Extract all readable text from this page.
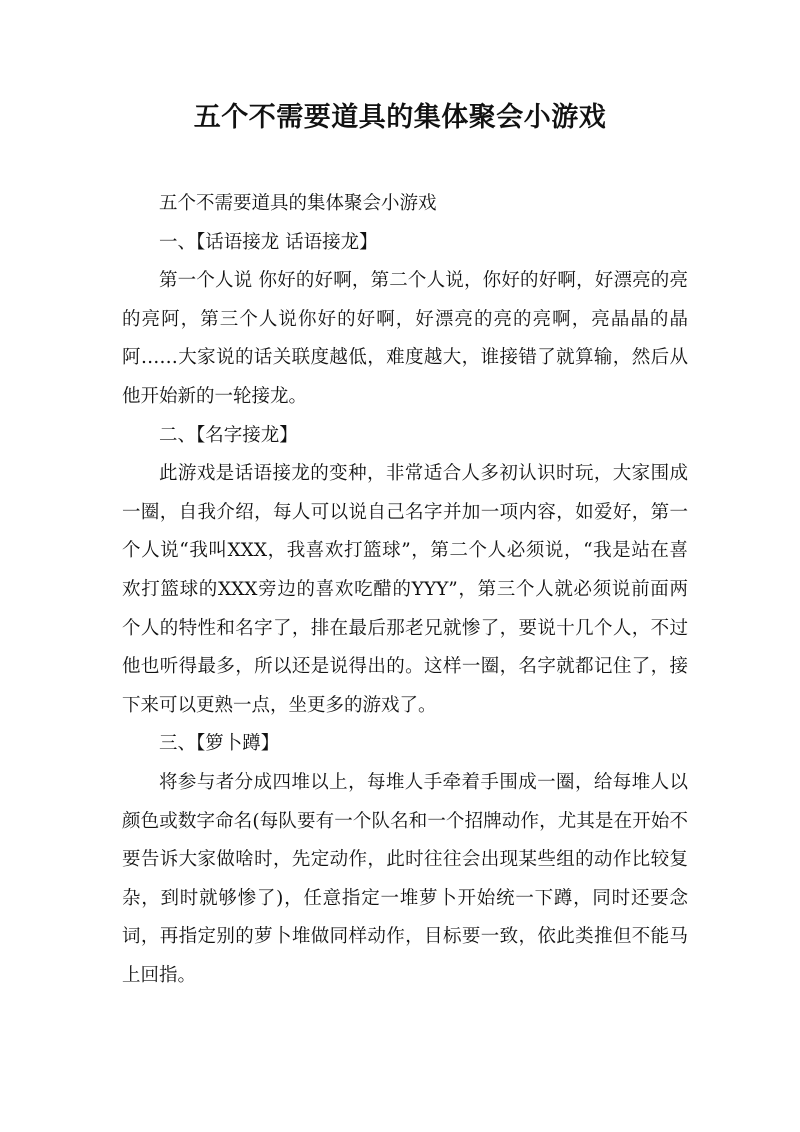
五个不需要道具的集体聚会小游戏

五个不需要道具的集体聚会小游戏

一、【话语接龙 话语接龙】

第一个人说 你好的好啊，第二个人说，你好的好啊，好漂亮的亮的亮阿，第三个人说你好的好啊，好漂亮的亮的亮啊，亮晶晶的晶阿……大家说的话关联度越低，难度越大，谁接错了就算输，然后从他开始新的一轮接龙。

二、【名字接龙】

此游戏是话语接龙的变种，非常适合人多初认识时玩，大家围成一圈，自我介绍，每人可以说自己名字并加一项内容，如爱好，第一个人说“我叫XXX，我喜欢打篮球”，第二个人必须说，“我是站在喜欢打篮球的XXX旁边的喜欢吃醋的YYY”，第三个人就必须说前面两个人的特性和名字了，排在最后那老兄就惨了，要说十几个人，不过他也听得最多，所以还是说得出的。这样一圈，名字就都记住了，接下来可以更熟一点，坐更多的游戏了。

三、【箩卜蹲】

将参与者分成四堆以上，每堆人手牵着手围成一圈，给每堆人以颜色或数字命名(每队要有一个队名和一个招牌动作，尤其是在开始不要告诉大家做啥时，先定动作，此时往往会出现某些组的动作比较复杂，到时就够惨了)，任意指定一堆萝卜开始统一下蹲，同时还要念词，再指定别的萝卜堆做同样动作，目标要一致，依此类推但不能马上回指。
